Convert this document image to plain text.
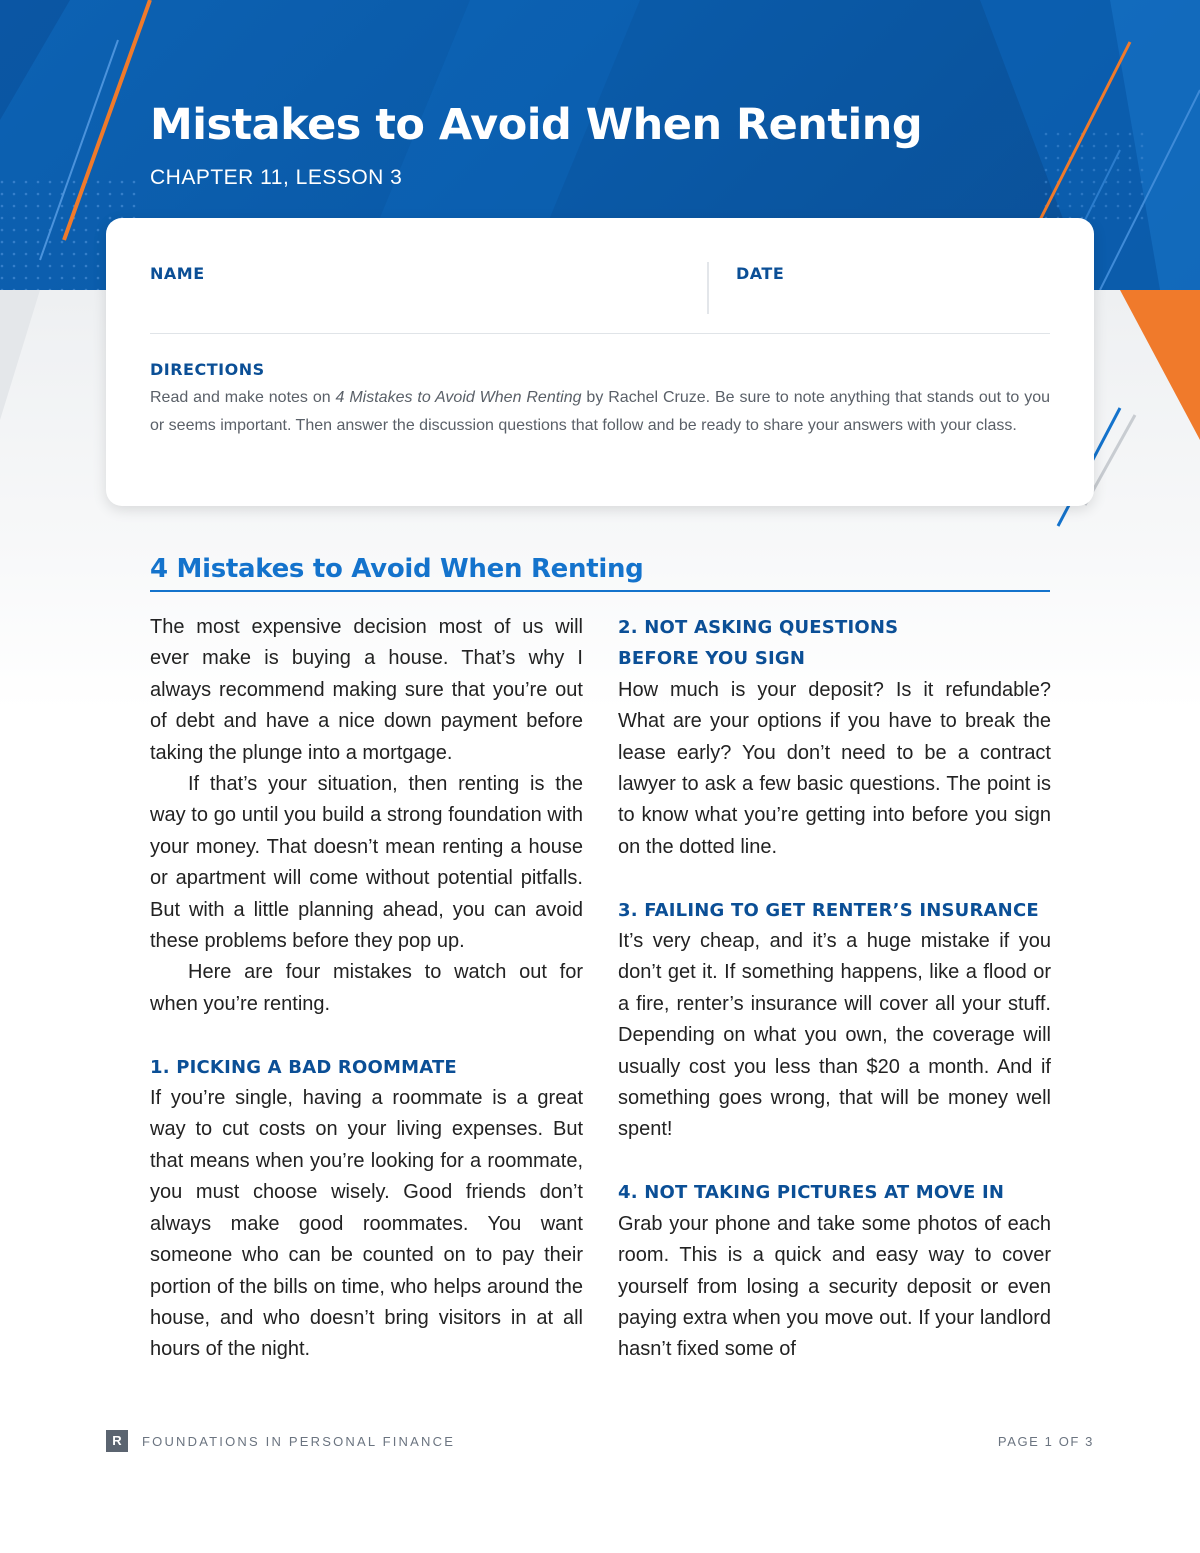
Mistakes to Avoid When Renting
CHAPTER 11, LESSON 3
NAME	DATE
DIRECTIONS
Read and make notes on 4 Mistakes to Avoid When Renting by Rachel Cruze. Be sure to note anything that stands out to you or seems important. Then answer the discussion questions that follow and be ready to share your answers with your class.
4 Mistakes to Avoid When Renting

The most expensive decision most of us will ever make is buying a house. That’s why I always recommend making sure that you’re out of debt and have a nice down payment before taking the plunge into a mortgage.

If that’s your situation, then renting is the way to go until you build a strong foundation with your money. That doesn’t mean renting a house or apartment will come without potential pitfalls. But with a little planning ahead, you can avoid these problems before they pop up.

Here are four mistakes to watch out for when you’re renting.

1. PICKING A BAD ROOMMATE

If you’re single, having a roommate is a great way to cut costs on your living expenses. But that means when you’re looking for a roommate, you must choose wisely. Good friends don’t always make good roommates. You want someone who can be counted on to pay their portion of the bills on time, who helps around the house, and who doesn’t bring visitors in at all hours of the night.

2. NOT ASKING QUESTIONS
BEFORE YOU SIGN

How much is your deposit? Is it refundable? What are your options if you have to break the lease early? You don’t need to be a contract lawyer to ask a few basic questions. The point is to know what you’re getting into before you sign on the dotted line.

3. FAILING TO GET RENTER’S INSURANCE

It’s very cheap, and it’s a huge mistake if you don’t get it. If something happens, like a flood or a fire, renter’s insurance will cover all your stuff. Depending on what you own, the coverage will usually cost you less than $20 a month. And if something goes wrong, that will be money well spent!

4. NOT TAKING PICTURES AT MOVE IN

Grab your phone and take some photos of each room. This is a quick and easy way to cover yourself from losing a security deposit or even paying extra when you move out. If your landlord hasn’t fixed some of

R	FOUNDATIONS IN PERSONAL FINANCE	PAGE 1 OF 3
